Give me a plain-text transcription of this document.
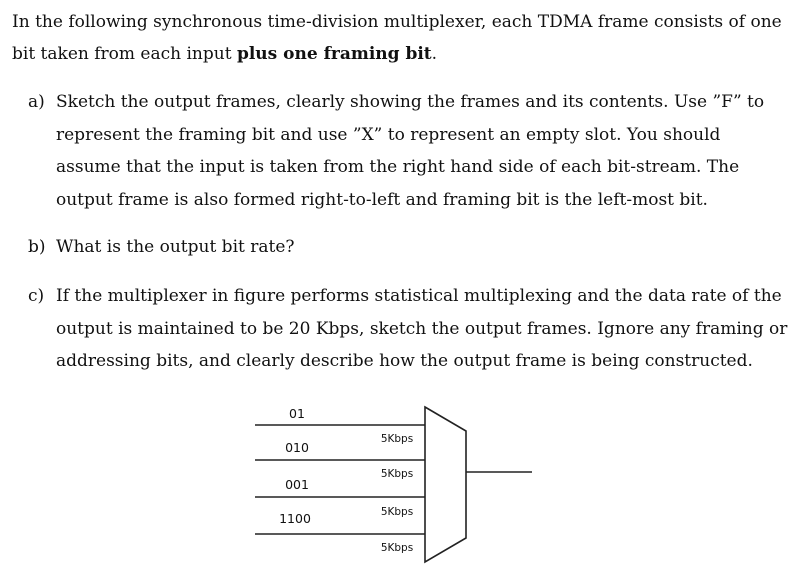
In the following synchronous time-division multiplexer, each TDMA frame consists of one bit taken from each input plus one framing bit.
a) Sketch the output frames, clearly showing the frames and its contents. Use ”F” to represent the framing bit and use ”X” to represent an empty slot. You should assume that the input is taken from the right hand side of each bit-stream. The output frame is also formed right-to-left and framing bit is the left-most bit.
b) What is the output bit rate?
c) If the multiplexer in figure performs statistical multiplexing and the data rate of the output is maintained to be 20 Kbps, sketch the output frames. Ignore any framing or addressing bits, and clearly describe how the output frame is being constructed.
01
010
001
1100
5Kbps
5Kbps
5Kbps
5Kbps
